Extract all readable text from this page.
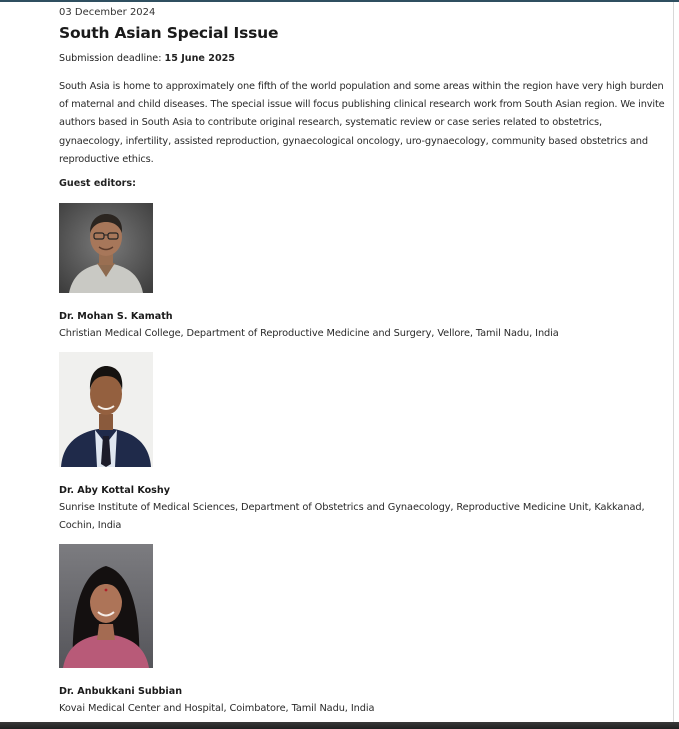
03 December 2024
South Asian Special Issue
Submission deadline: 15 June 2025

South Asia is home to approximately one fifth of the world population and some areas within the region have very high burden of maternal and child diseases. The special issue will focus publishing clinical research work from South Asian region. We invite authors based in South Asia to contribute original research, systematic review or case series related to obstetrics, gynaecology, infertility, assisted reproduction, gynaecological oncology, uro-gynaecology, community based obstetrics and reproductive ethics.

Guest editors:
Dr. Mohan S. Kamath
Christian Medical College, Department of Reproductive Medicine and Surgery, Vellore, Tamil Nadu, India
Dr. Aby Kottal Koshy
Sunrise Institute of Medical Sciences, Department of Obstetrics and Gynaecology, Reproductive Medicine Unit, Kakkanad, Cochin, India
Dr. Anbukkani Subbian
Kovai Medical Center and Hospital, Coimbatore, Tamil Nadu, India
